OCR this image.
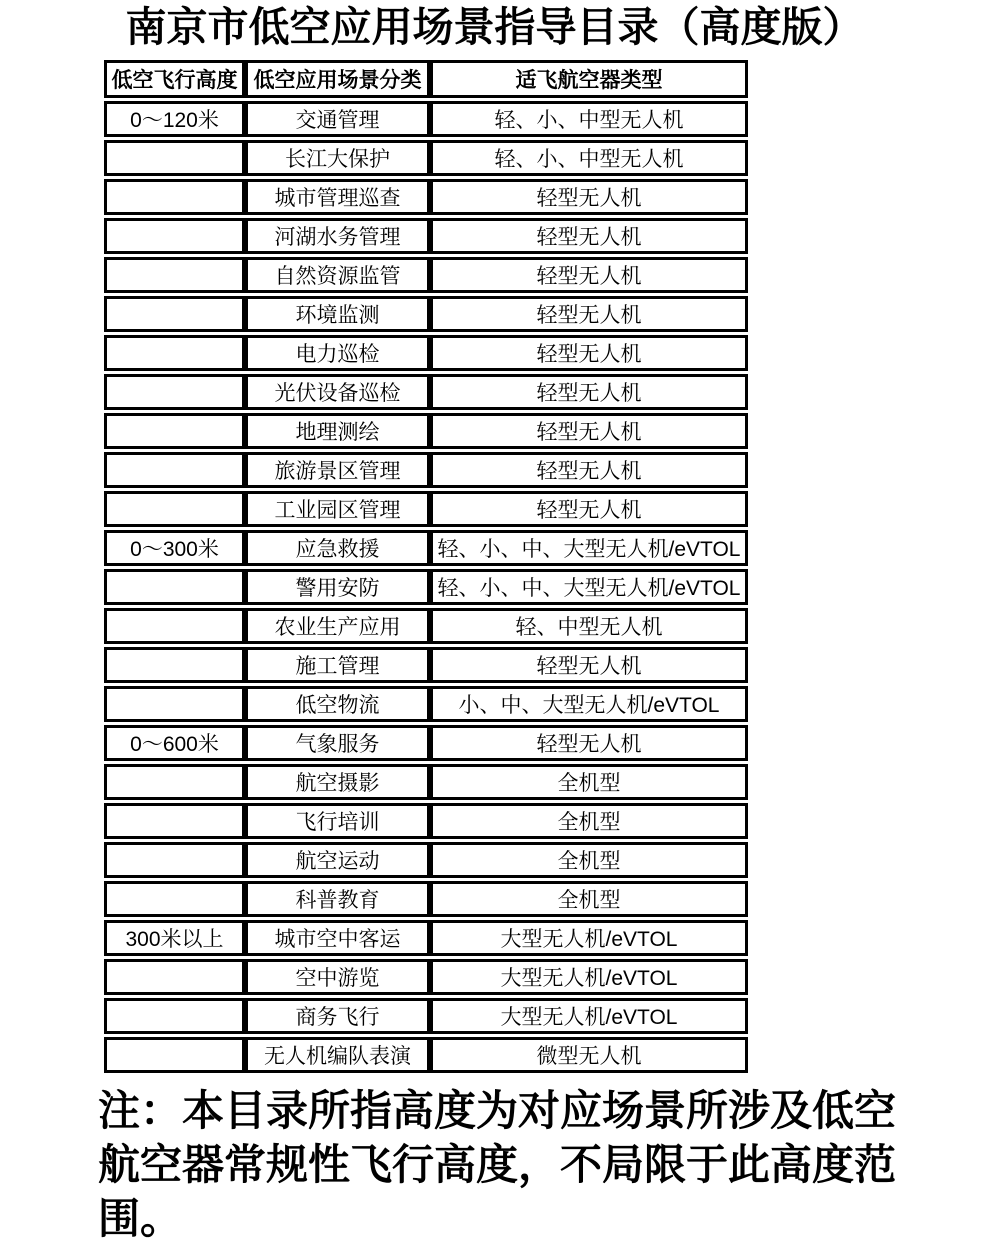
南京市低空应用场景指导目录（高度版）
低空飞行高度	低空应用场景分类	适飞航空器类型
0～120米	交通管理	轻、小、中型无人机
	长江大保护	轻、小、中型无人机
	城市管理巡查	轻型无人机
	河湖水务管理	轻型无人机
	自然资源监管	轻型无人机
	环境监测	轻型无人机
	电力巡检	轻型无人机
	光伏设备巡检	轻型无人机
	地理测绘	轻型无人机
	旅游景区管理	轻型无人机
	工业园区管理	轻型无人机
0～300米	应急救援	轻、小、中、大型无人机/eVTOL
	警用安防	轻、小、中、大型无人机/eVTOL
	农业生产应用	轻、中型无人机
	施工管理	轻型无人机
	低空物流	小、中、大型无人机/eVTOL
0～600米	气象服务	轻型无人机
	航空摄影	全机型
	飞行培训	全机型
	航空运动	全机型
	科普教育	全机型
300米以上	城市空中客运	大型无人机/eVTOL
	空中游览	大型无人机/eVTOL
	商务飞行	大型无人机/eVTOL
	无人机编队表演	微型无人机

注：本目录所指高度为对应场景所涉及低空航空器常规性飞行高度，不局限于此高度范围。
